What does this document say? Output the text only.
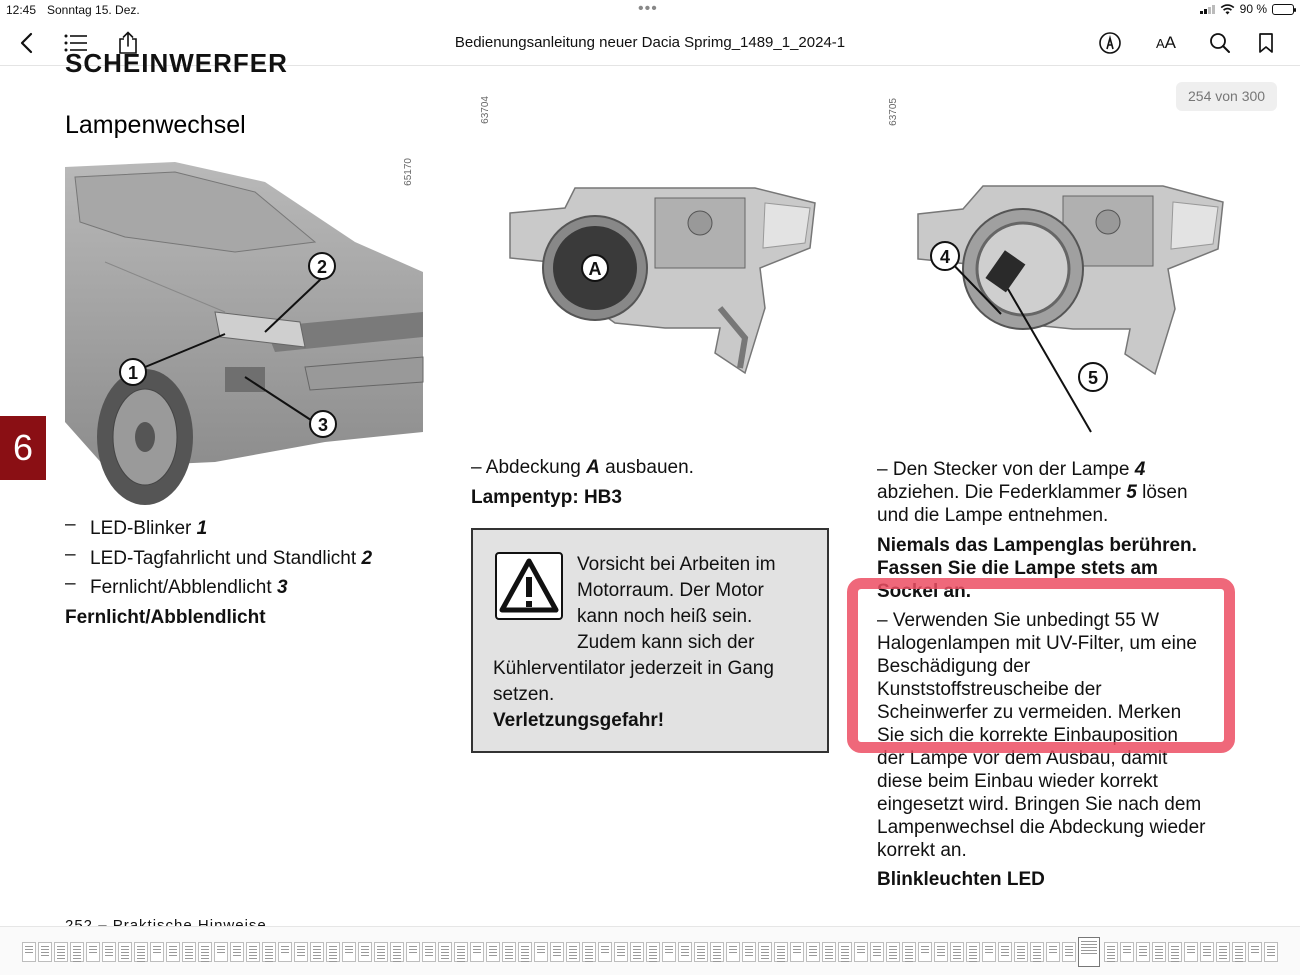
12:45 Sonntag 15. Dez.	•••	90 %
Bedienungsanleitung neuer Dacia Sprimg_1489_1_2024-1	AA
SCHEINWERFER
254 von 300
6
Lampenwechsel
2
1
3
65170
63704
A
63705
4
5
– LED-Blinker 1
– LED-Tagfahrlicht und Standlicht 2
– Fernlicht/Abblendlicht 3
Fernlicht/Abblendlicht
– Abdeckung A ausbauen.
Lampentyp: HB3
Vorsicht bei Arbeiten im
Motorraum. Der Motor
kann noch heiß sein.
Zudem kann sich der
Kühlerventilator jederzeit in Gang
setzen.
Verletzungsgefahr!
– Den Stecker von der Lampe 4
abziehen. Die Federklammer 5 lösen
und die Lampe entnehmen.
Niemals das Lampenglas berühren.
Fassen Sie die Lampe stets am
Sockel an.
– Verwenden Sie unbedingt 55 W
Halogenlampen mit UV-Filter, um eine
Beschädigung der
Kunststoffstreuscheibe der
Scheinwerfer zu vermeiden. Merken
Sie sich die korrekte Einbauposition
der Lampe vor dem Ausbau, damit
diese beim Einbau wieder korrekt
eingesetzt wird. Bringen Sie nach dem
Lampenwechsel die Abdeckung wieder
korrekt an.
Blinkleuchten LED
